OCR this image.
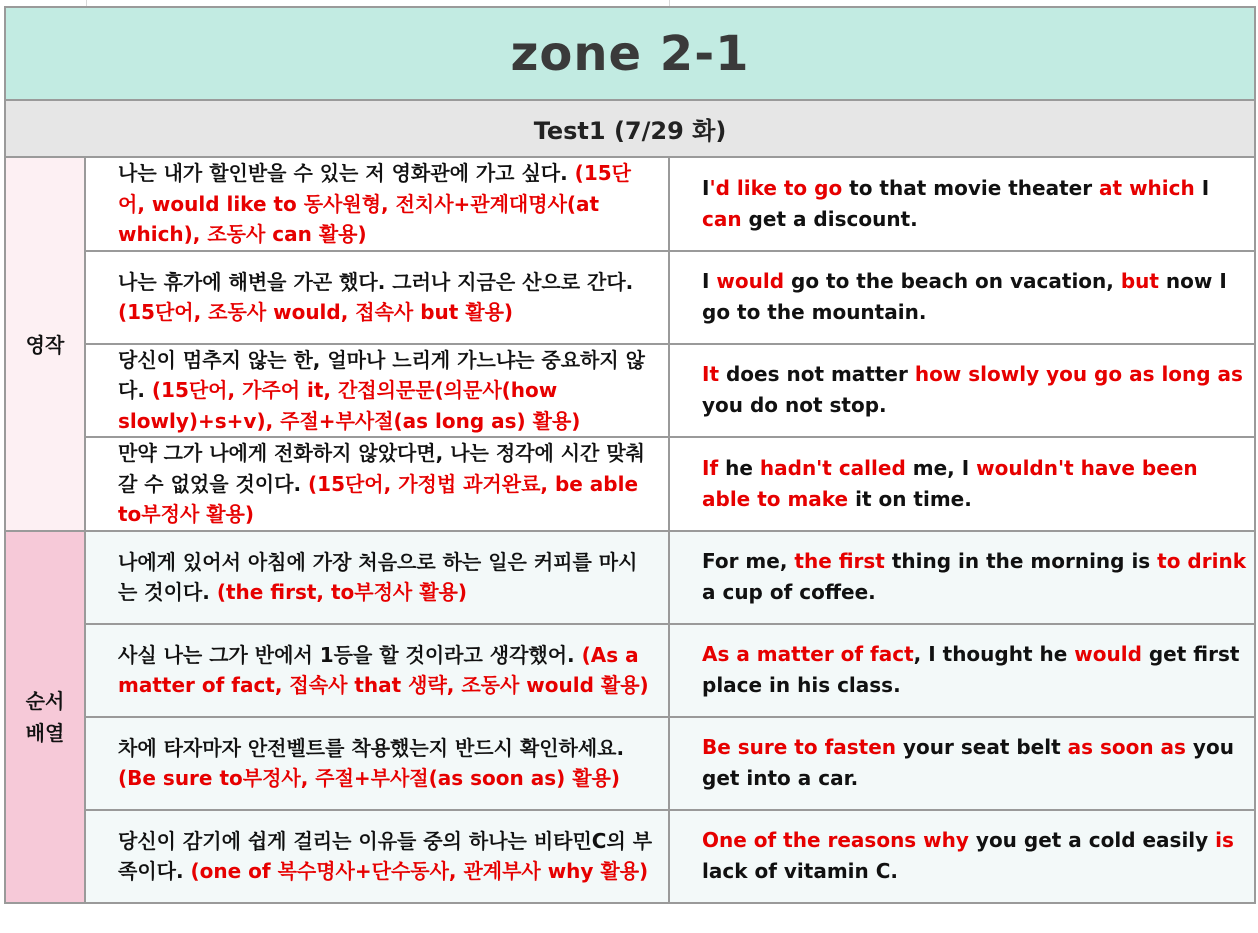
zone 2-1		
Test1 (7/29 화)		
영작	나는 내가 할인받을 수 있는 저 영화관에 가고 싶다. (15단어, would like to 동사원형, 전치사+관계대명사(at which), 조동사 can 활용)	I'd like to go to that movie theater at which I can get a discount.
	나는 휴가에 해변을 가곤 했다. 그러나 지금은 산으로 간다. (15단어, 조동사 would, 접속사 but 활용)	I would go to the beach on vacation, but now I go to the mountain.
	당신이 멈추지 않는 한, 얼마나 느리게 가느냐는 중요하지 않다. (15단어, 가주어 it, 간접의문문(의문사(how slowly)+s+v), 주절+부사절(as long as) 활용)	It does not matter how slowly you go as long as you do not stop.
	만약 그가 나에게 전화하지 않았다면, 나는 정각에 시간 맞춰 갈 수 없었을 것이다. (15단어, 가정법 과거완료, be able to부정사 활용)	If he hadn't called me, I wouldn't have been able to make it on time.
순서
배열	나에게 있어서 아침에 가장 처음으로 하는 일은 커피를 마시는 것이다. (the first, to부정사 활용)	For me, the first thing in the morning is to drink a cup of coffee.
	사실 나는 그가 반에서 1등을 할 것이라고 생각했어. (As a matter of fact, 접속사 that 생략, 조동사 would 활용)	As a matter of fact, I thought he would get first place in his class.
	차에 타자마자 안전벨트를 착용했는지 반드시 확인하세요. (Be sure to부정사, 주절+부사절(as soon as) 활용)	Be sure to fasten your seat belt as soon as you get into a car.
	당신이 감기에 쉽게 걸리는 이유들 중의 하나는 비타민C의 부족이다. (one of 복수명사+단수동사, 관계부사 why 활용)	One of the reasons why you get a cold easily is lack of vitamin C.
